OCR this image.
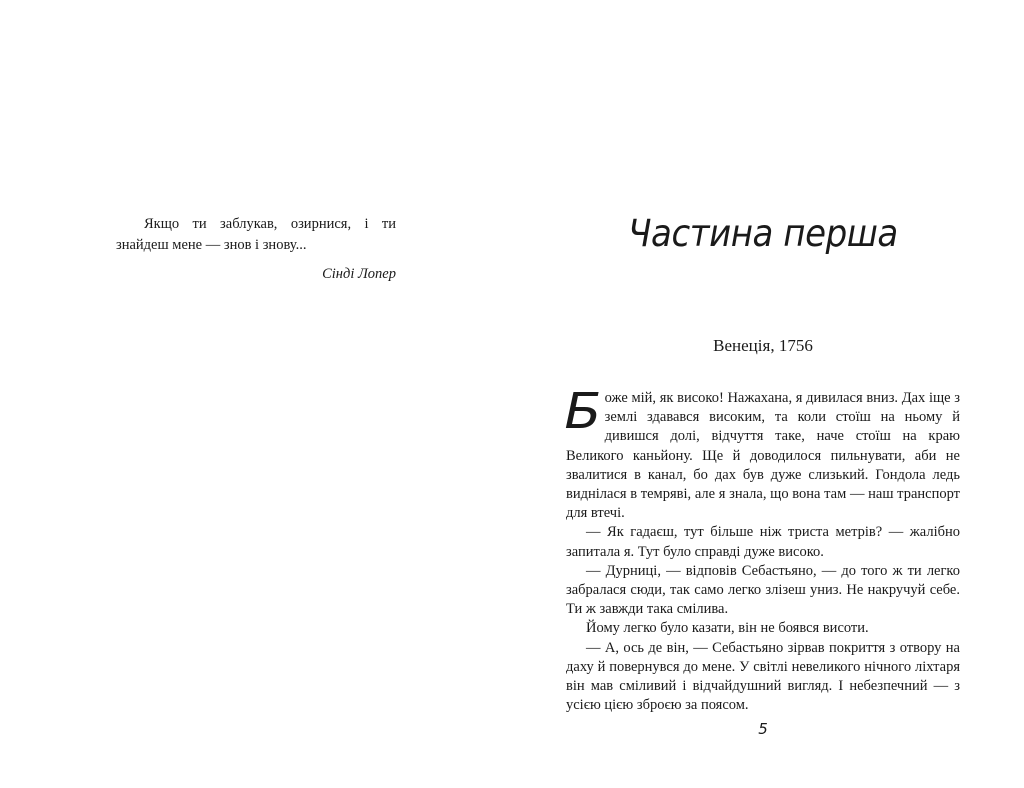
Якщо ти заблукав, озирнися, і ти знайдеш мене — знов і знову...

Сінді Лопер
Частина перша
Венеція, 1756
Б оже мій, як високо! Нажахана, я дивилася вниз. Дах іще з землі здавався високим, та коли стоїш на ньому й дивишся долі, відчуття таке, наче стоїш на краю Великого каньйону. Ще й доводилося пильнувати, аби не звалитися в канал, бо дах був дуже слизький. Гондола ледь виднілася в темряві, але я знала, що вона там — наш транспорт для втечі.

— Як гадаєш, тут більше ніж триста метрів? — жалібно запитала я. Тут було справді дуже високо.

— Дурниці, — відповів Себастьяно, — до того ж ти легко забралася сюди, так само легко злізеш униз. Не накручуй себе. Ти ж завжди така смілива.

Йому легко було казати, він не боявся висоти.

— А, ось де він, — Себастьяно зірвав покриття з отвору на даху й повернувся до мене. У світлі невеликого нічного ліхтаря він мав сміливий і відчайдушний вигляд. І небезпечний — з усією цією зброєю за поясом.

5
